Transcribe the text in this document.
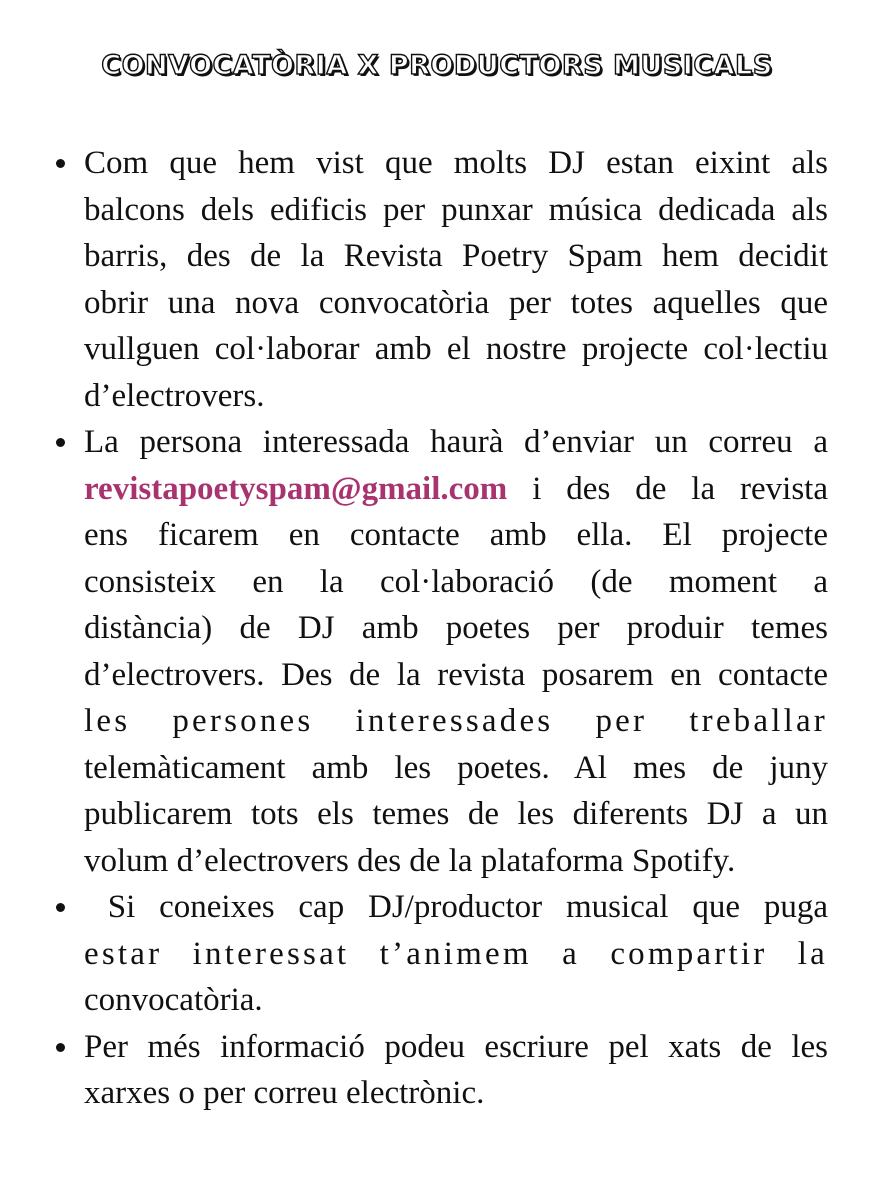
CONVOCATÒRIA X PRODUCTORS MUSICALS
Com que hem vist que molts DJ estan eixint als
balcons dels edificis per punxar música dedicada als
barris, des de la Revista Poetry Spam hem decidit
obrir una nova convocatòria per totes aquelles que
vullguen col·laborar amb el nostre projecte col·lectiu
d’electrovers.
La persona interessada haurà d’enviar un correu a
revistapoetyspam@gmail.com i des de la revista
ens ficarem en contacte amb ella. El projecte
consisteix en la col·laboració (de moment a
distància) de DJ amb poetes per produir temes
d’electrovers. Des de la revista posarem en contacte
les persones interessades per treballar
telemàticament amb les poetes. Al mes de juny
publicarem tots els temes de les diferents DJ a un
volum d’electrovers des de la plataforma Spotify.
Si coneixes cap DJ/productor musical que puga
estar interessat t’animem a compartir la
convocatòria.
Per més informació podeu escriure pel xats de les
xarxes o per correu electrònic.
